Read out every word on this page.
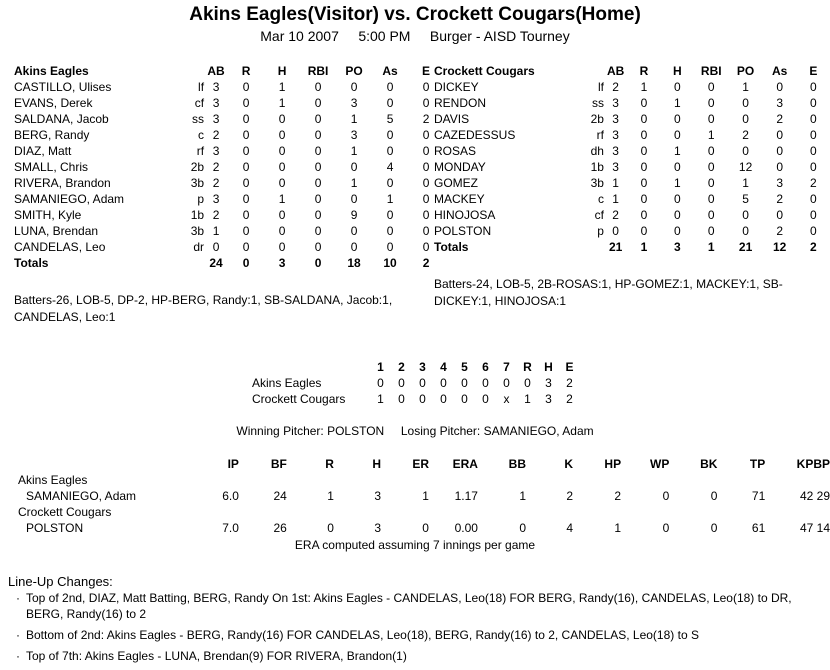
Akins Eagles(Visitor) vs. Crockett Cougars(Home)
Mar 10 2007     5:00 PM     Burger - AISD Tourney
Akins Eagles		AB	R	H	RBI	PO	As	E
CASTILLO, Ulises	lf	3	0	1	0	0	0	0
EVANS, Derek	cf	3	0	1	0	3	0	0
SALDANA, Jacob	ss	3	0	0	0	1	5	2
BERG, Randy	c	2	0	0	0	3	0	0
DIAZ, Matt	rf	3	0	0	0	1	0	0
SMALL, Chris	2b	2	0	0	0	0	4	0
RIVERA, Brandon	3b	2	0	0	0	1	0	0
SAMANIEGO, Adam	p	3	0	1	0	0	1	0
SMITH, Kyle	1b	2	0	0	0	9	0	0
LUNA, Brendan	3b	1	0	0	0	0	0	0
CANDELAS, Leo	dr	0	0	0	0	0	0	0
Totals		24	0	3	0	18	10	2
Batters-26, LOB-5, DP-2, HP-BERG, Randy:1, SB-SALDANA, Jacob:1, CANDELAS, Leo:1
Crockett Cougars		AB	R	H	RBI	PO	As	E
DICKEY	lf	2	1	0	0	1	0	0
RENDON	ss	3	0	1	0	0	3	0
DAVIS	2b	3	0	0	0	0	2	0
CAZEDESSUS	rf	3	0	0	1	2	0	0
ROSAS	dh	3	0	1	0	0	0	0
MONDAY	1b	3	0	0	0	12	0	0
GOMEZ	3b	1	0	1	0	1	3	2
MACKEY	c	1	0	0	0	5	2	0
HINOJOSA	cf	2	0	0	0	0	0	0
POLSTON	p	0	0	0	0	0	2	0
Totals		21	1	3	1	21	12	2
Batters-24, LOB-5, 2B-ROSAS:1, HP-GOMEZ:1, MACKEY:1, SB-DICKEY:1, HINOJOSA:1
	1	2	3	4	5	6	7	R	H	E
Akins Eagles	0	0	0	0	0	0	0	0	3	2
Crockett Cougars	1	0	0	0	0	0	x	1	3	2
Winning Pitcher: POLSTON     Losing Pitcher: SAMANIEGO, Adam
		IP	BF	R	H	ER	ERA	BB	K	HP	WP	BK	TP	KP	BP
Akins Eagles															
SAMANIEGO, Adam		6.0	24	1	3	1	1.17	1	2	2	0	0	71	42	29
Crockett Cougars															
POLSTON		7.0	26	0	3	0	0.00	0	4	1	0	0	61	47	14
ERA computed assuming 7 innings per game
Line-Up Changes:
· Top of 2nd, DIAZ, Matt Batting, BERG, Randy On 1st: Akins Eagles - CANDELAS, Leo(18) FOR BERG, Randy(16), CANDELAS, Leo(18) to DR, BERG, Randy(16) to 2
· Bottom of 2nd: Akins Eagles - BERG, Randy(16) FOR CANDELAS, Leo(18), BERG, Randy(16) to 2, CANDELAS, Leo(18) to S
· Top of 7th: Akins Eagles - LUNA, Brendan(9) FOR RIVERA, Brandon(1)
